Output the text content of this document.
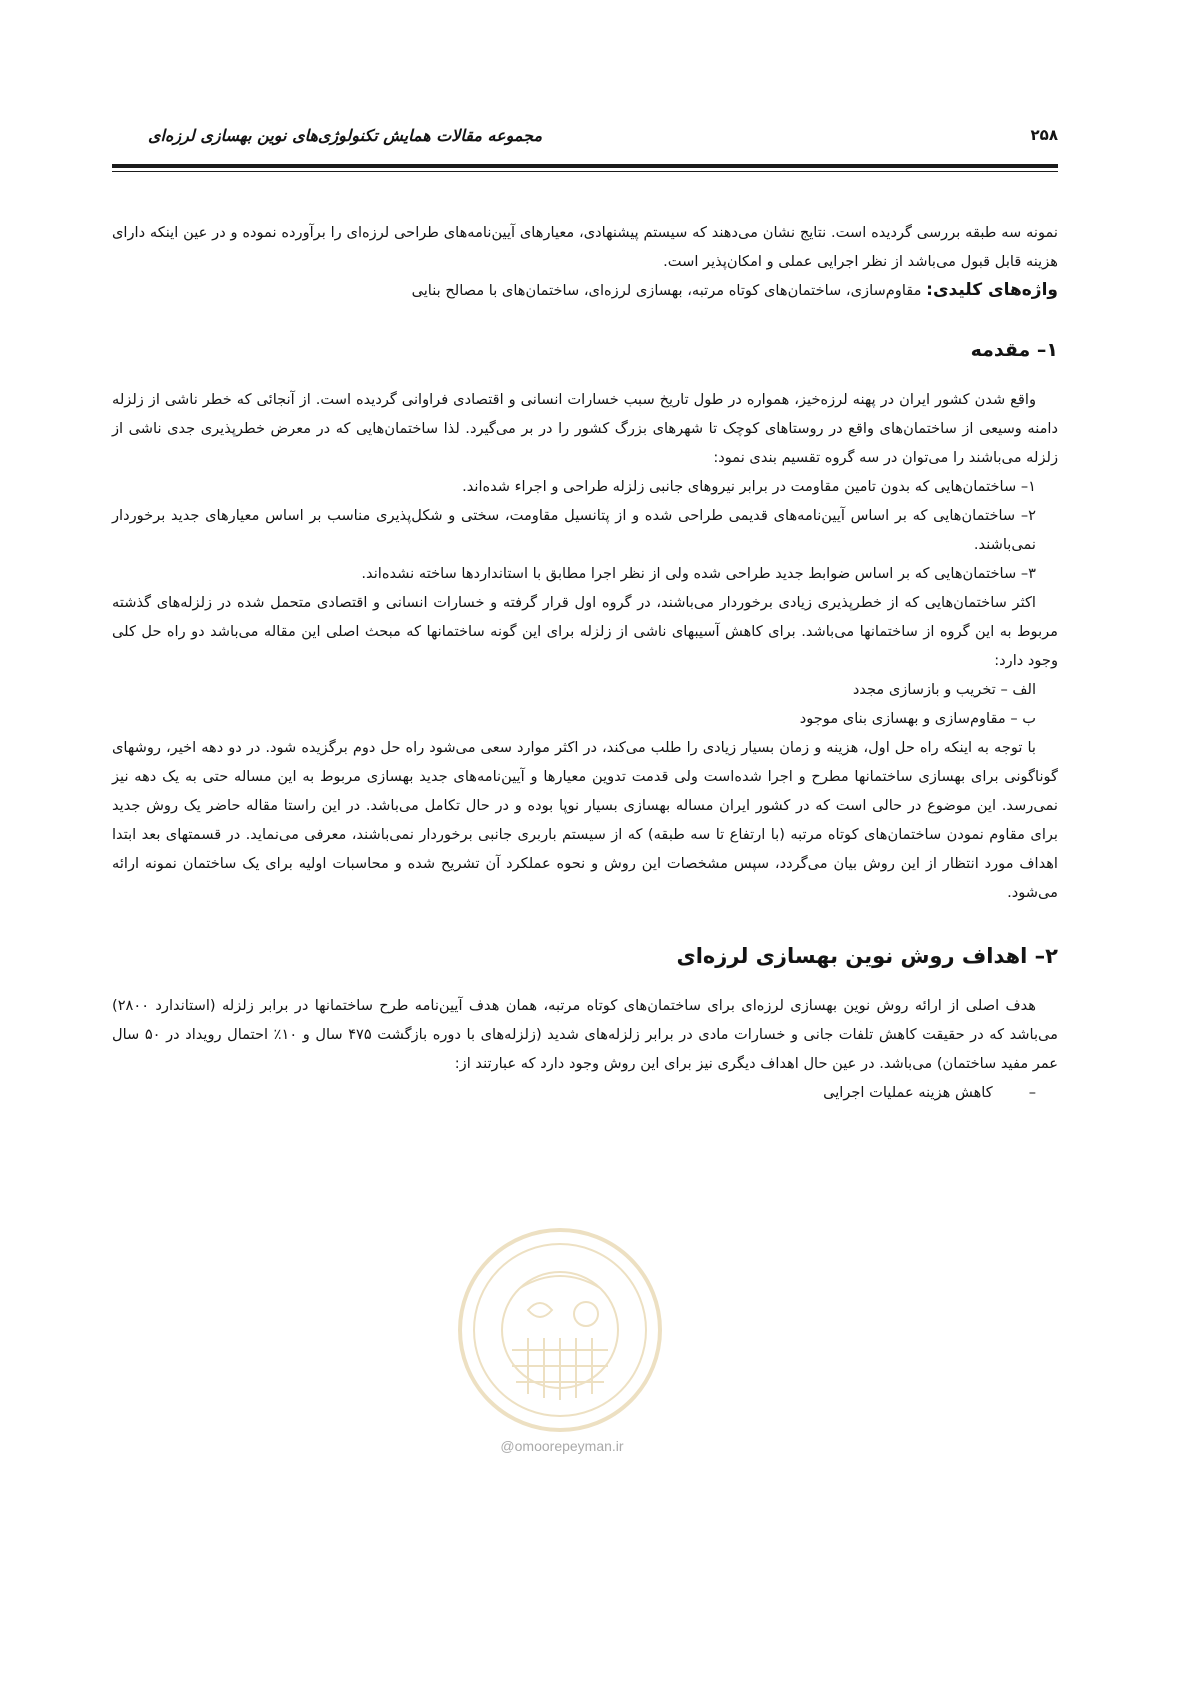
۲۵۸
مجموعه مقالات همایش تکنولوژی‌های نوین بهسازی لرزه‌ای

نمونه سه طبقه بررسی گردیده است. نتایج نشان می‌دهند که سیستم پیشنهادی، معیارهای آیین‌نامه‌های طراحی لرزه‌ای را برآورده نموده و در عین اینکه دارای هزینه قابل قبول می‌باشد از نظر اجرایی عملی و امکان‌پذیر است.

واژه‌های کلیدی: مقاوم‌سازی، ساختمان‌های کوتاه مرتبه، بهسازی لرزه‌ای، ساختمان‌های با مصالح بنایی

۱– مقدمه

واقع شدن کشور ایران در پهنه لرزه‌خیز، همواره در طول تاریخ سبب خسارات انسانی و اقتصادی فراوانی گردیده است. از آنجائی که خطر ناشی از زلزله دامنه وسیعی از ساختمان‌های واقع در روستاهای کوچک تا شهرهای بزرگ کشور را در بر می‌گیرد. لذا ساختمان‌هایی که در معرض خطرپذیری جدی ناشی از زلزله می‌باشند را می‌توان در سه گروه تقسیم بندی نمود:

۱– ساختمان‌هایی که بدون تامین مقاومت در برابر نیروهای جانبی زلزله طراحی و اجراء شده‌اند.

۲– ساختمان‌هایی که بر اساس آیین‌نامه‌های قدیمی طراحی شده و از پتانسیل مقاومت، سختی و شکل‌پذیری مناسب بر اساس معیارهای جدید برخوردار نمی‌باشند.

۳– ساختمان‌هایی که بر اساس ضوابط جدید طراحی شده ولی از نظر اجرا مطابق با استانداردها ساخته نشده‌اند.

اکثر ساختمان‌هایی که از خطرپذیری زیادی برخوردار می‌باشند، در گروه اول قرار گرفته و خسارات انسانی و اقتصادی متحمل شده در زلزله‌های گذشته مربوط به این گروه از ساختمانها می‌باشد. برای کاهش آسیبهای ناشی از زلزله برای این گونه ساختمانها که مبحث اصلی این مقاله می‌باشد دو راه حل کلی وجود دارد:

الف – تخریب و بازسازی مجدد

ب – مقاوم‌سازی و بهسازی بنای موجود

با توجه به اینکه راه حل اول، هزینه و زمان بسیار زیادی را طلب می‌کند، در اکثر موارد سعی می‌شود راه حل دوم برگزیده شود. در دو دهه اخیر، روشهای گوناگونی برای بهسازی ساختمانها مطرح و اجرا شده‌است ولی قدمت تدوین معیارها و آیین‌نامه‌های جدید بهسازی مربوط به این مساله حتی به یک دهه نیز نمی‌رسد. این موضوع در حالی است که در کشور ایران مساله بهسازی بسیار نوپا بوده و در حال تکامل می‌باشد. در این راستا مقاله حاضر یک روش جدید برای مقاوم نمودن ساختمان‌های کوتاه مرتبه (با ارتفاع تا سه طبقه) که از سیستم باربری جانبی برخوردار نمی‌باشند، معرفی می‌نماید. در قسمتهای بعد ابتدا اهداف مورد انتظار از این روش بیان می‌گردد، سپس مشخصات این روش و نحوه عملکرد آن تشریح شده و محاسبات اولیه برای یک ساختمان نمونه ارائه می‌شود.

۲– اهداف روش نوین بهسازی لرزه‌ای

هدف اصلی از ارائه روش نوین بهسازی لرزه‌ای برای ساختمان‌های کوتاه مرتبه، همان هدف آیین‌نامه طرح ساختمانها در برابر زلزله (استاندارد ۲۸۰۰) می‌باشد که در حقیقت کاهش تلفات جانی و خسارات مادی در برابر زلزله‌های شدید (زلزله‌های با دوره بازگشت ۴۷۵ سال و ۱۰٪ احتمال رویداد در ۵۰ سال عمر مفید ساختمان) می‌باشد. در عین حال اهداف دیگری نیز برای این روش وجود دارد که عبارتند از:

–
کاهش هزینه عملیات اجرایی
@omoorepeyman.ir
